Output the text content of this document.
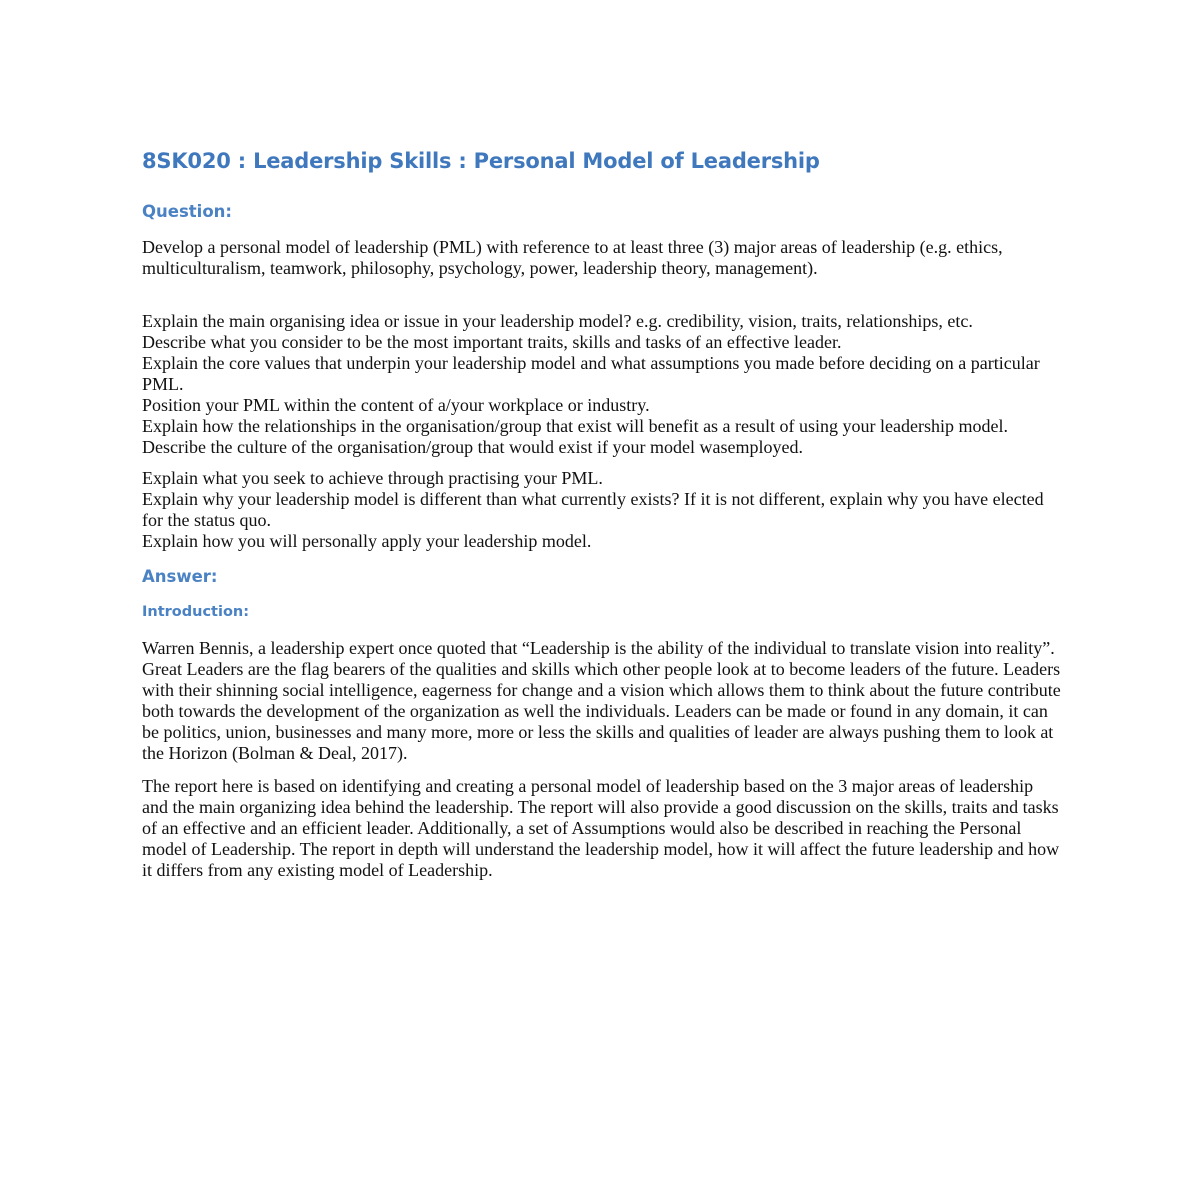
8SK020 : Leadership Skills : Personal Model of Leadership
Question:

Develop a personal model of leadership (PML) with reference to at least three (3) major areas of leadership (e.g. ethics, multiculturalism, teamwork, philosophy, psychology, power, leadership theory, management).

Explain the main organising idea or issue in your leadership model? e.g. credibility, vision, traits, relationships, etc.

Describe what you consider to be the most important traits, skills and tasks of an effective leader.

Explain the core values that underpin your leadership model and what assumptions you made before deciding on a particular PML.

Position your PML within the content of a/your workplace or industry.

Explain how the relationships in the organisation/group that exist will benefit as a result of using your leadership model.

Describe the culture of the organisation/group that would exist if your model wasemployed.

Explain what you seek to achieve through practising your PML.

Explain why your leadership model is different than what currently exists? If it is not different, explain why you have elected for the status quo.

Explain how you will personally apply your leadership model.

Answer:
Introduction:

Warren Bennis, a leadership expert once quoted that “Leadership is the ability of the individual to translate vision into reality”. Great Leaders are the flag bearers of the qualities and skills which other people look at to become leaders of the future. Leaders with their shinning social intelligence, eagerness for change and a vision which allows them to think about the future contribute both towards the development of the organization as well the individuals. Leaders can be made or found in any domain, it can be politics, union, businesses and many more, more or less the skills and qualities of leader are always pushing them to look at the Horizon (Bolman & Deal, 2017).

The report here is based on identifying and creating a personal model of leadership based on the 3 major areas of leadership and the main organizing idea behind the leadership. The report will also provide a good discussion on the skills, traits and tasks of an effective and an efficient leader. Additionally, a set of Assumptions would also be described in reaching the Personal model of Leadership. The report in depth will understand the leadership model, how it will affect the future leadership and how it differs from any existing model of Leadership.
